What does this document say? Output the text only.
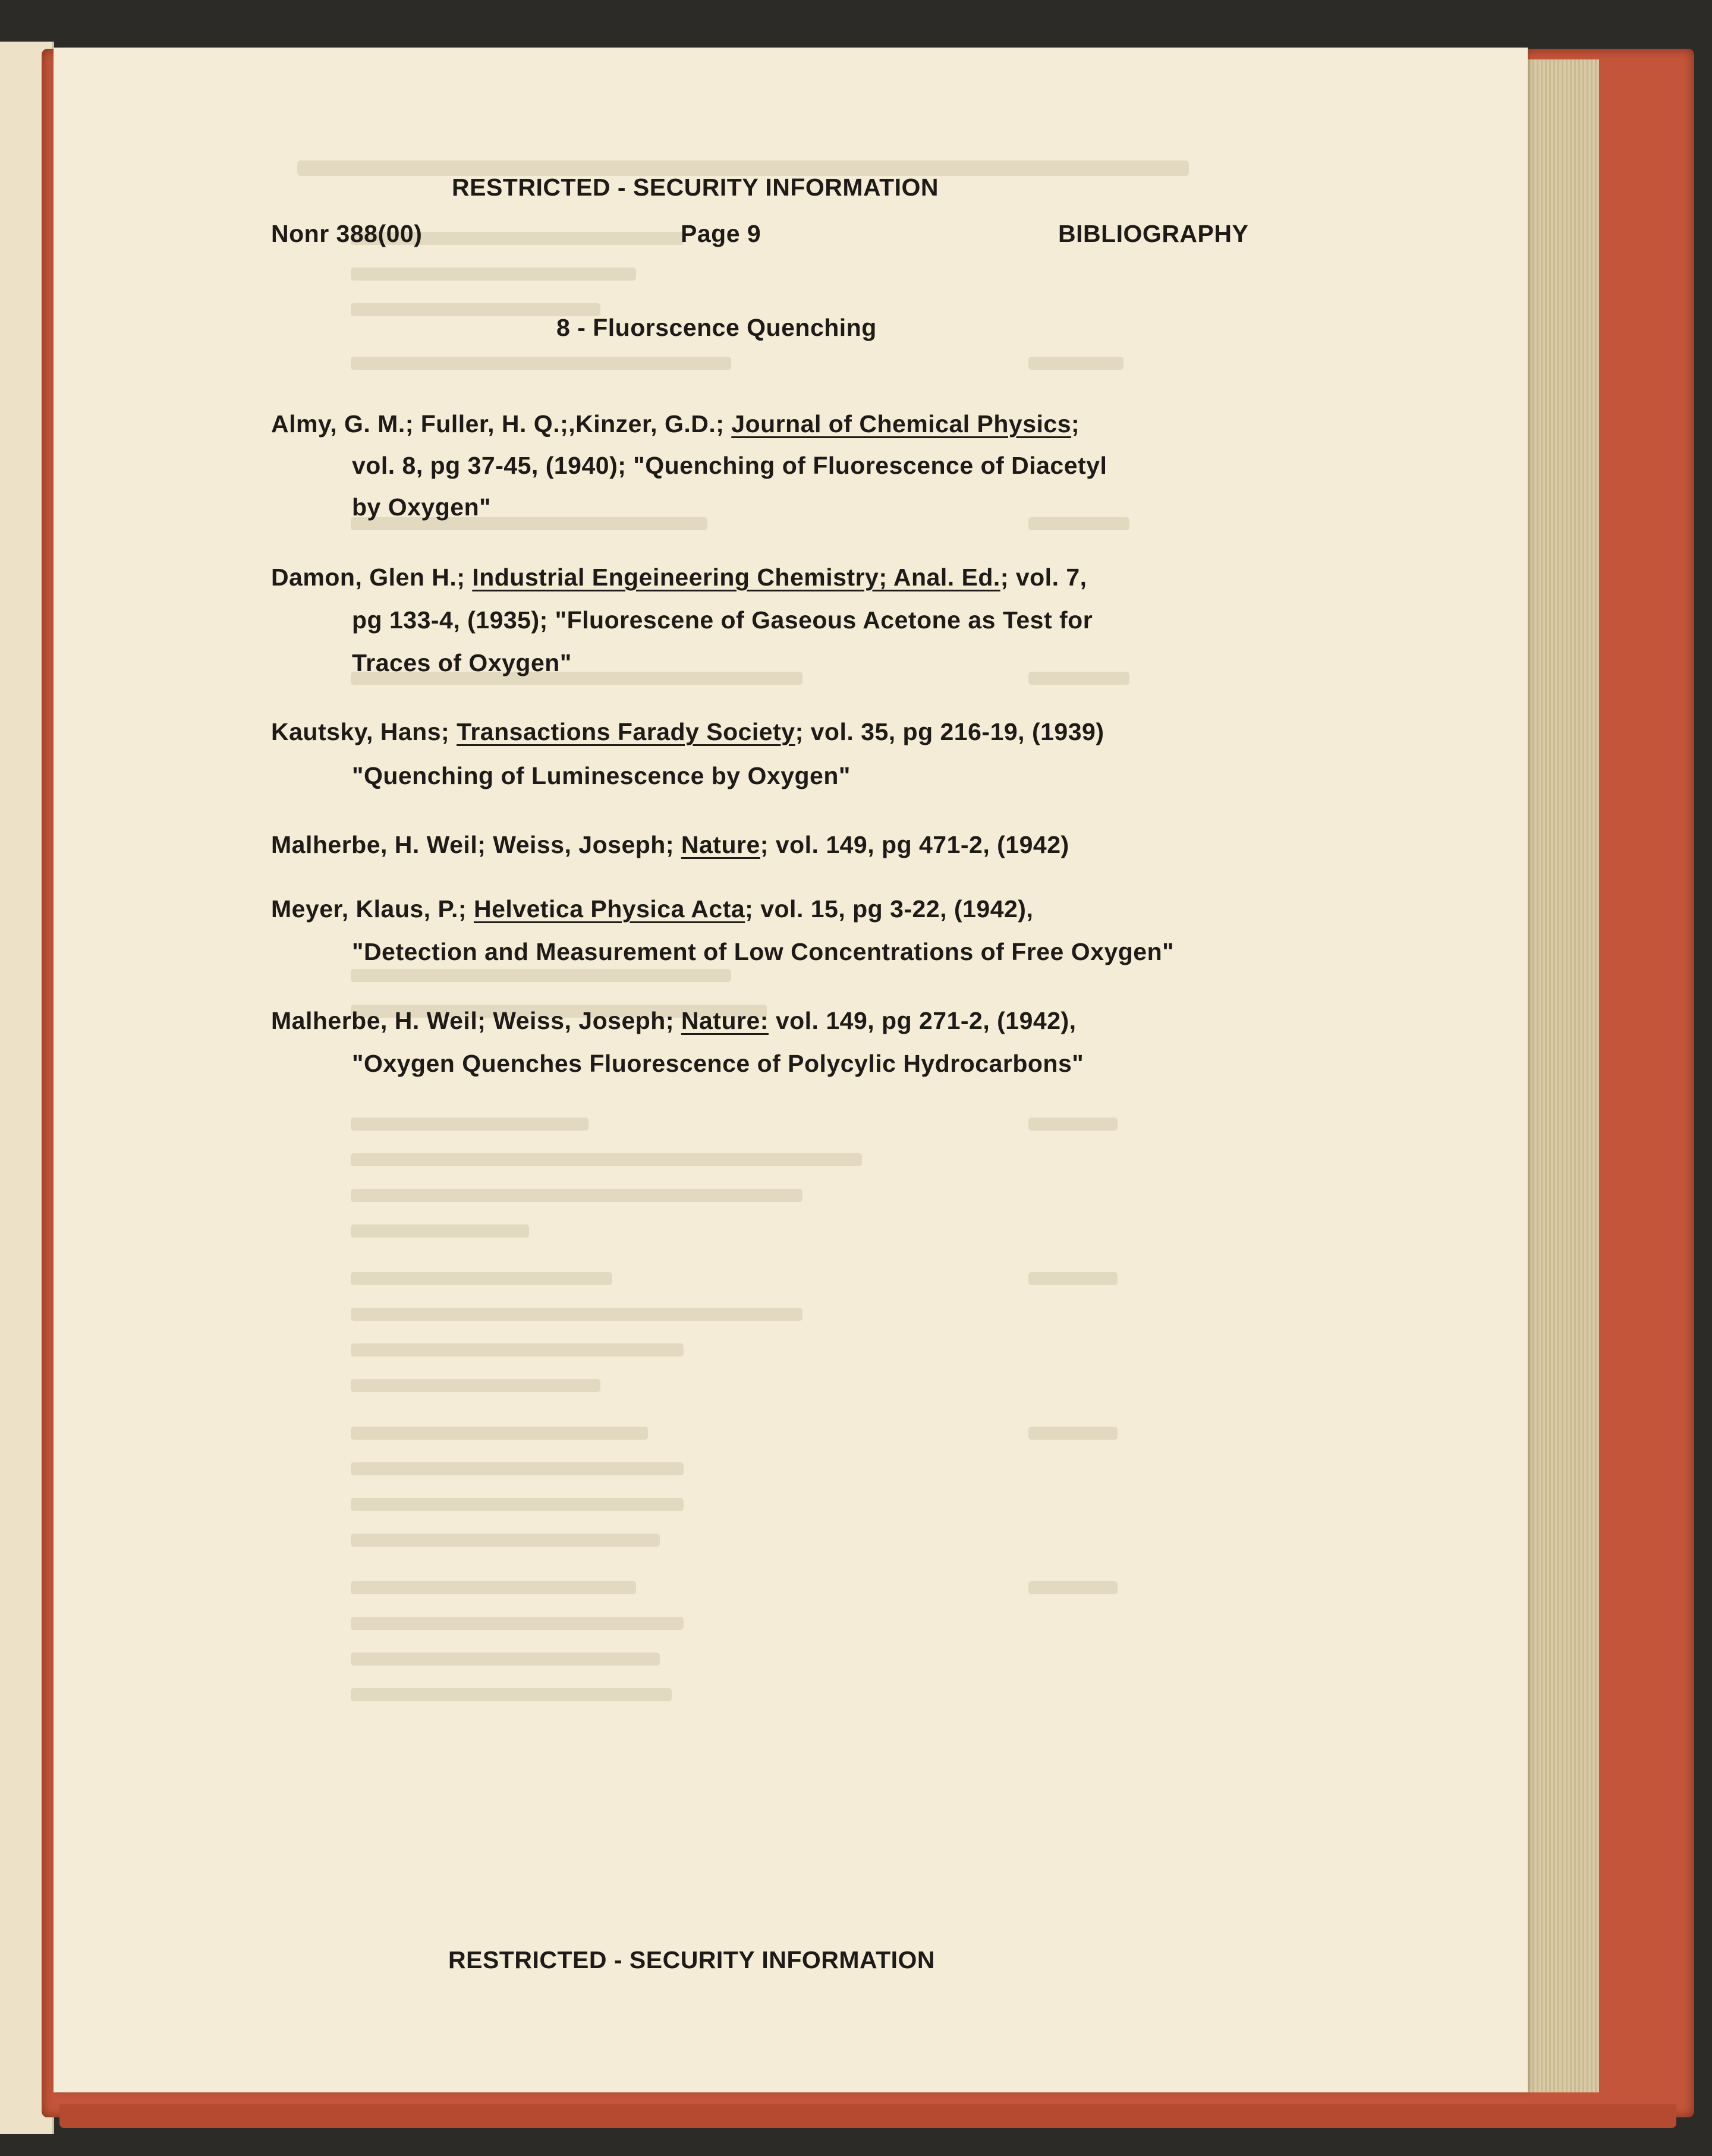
RESTRICTED - SECURITY INFORMATION
Nonr 388(00)	Page 9	BIBLIOGRAPHY
8 - Fluorscence Quenching
Almy, G. M.; Fuller, H. Q.;,Kinzer, G.D.; Journal of Chemical Physics;
vol. 8, pg 37-45, (1940); "Quenching of Fluorescence of Diacetyl
by Oxygen"
Damon, Glen H.; Industrial Engeineering Chemistry; Anal. Ed.; vol. 7,
pg 133-4, (1935); "Fluorescene of Gaseous Acetone as Test for
Traces of Oxygen"
Kautsky, Hans; Transactions Farady Society; vol. 35, pg 216-19, (1939)
"Quenching of Luminescence by Oxygen"
Malherbe, H. Weil; Weiss, Joseph; Nature; vol. 149, pg 471-2, (1942)
Meyer, Klaus, P.; Helvetica Physica Acta; vol. 15, pg 3-22, (1942),
"Detection and Measurement of Low Concentrations of Free Oxygen"
Malherbe, H. Weil; Weiss, Joseph; Nature: vol. 149, pg 271-2, (1942),
"Oxygen Quenches Fluorescence of Polycylic Hydrocarbons"
RESTRICTED - SECURITY INFORMATION
